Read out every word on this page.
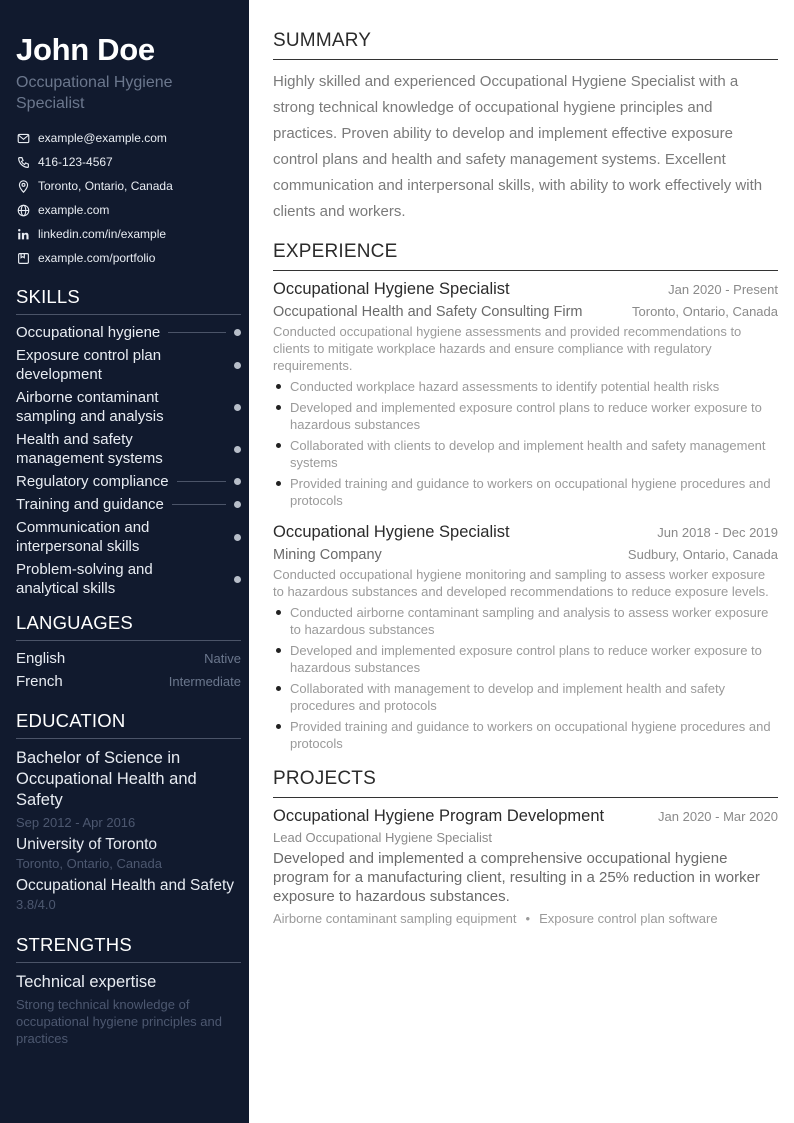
John Doe
Occupational Hygiene Specialist
example@example.com
416-123-4567
Toronto, Ontario, Canada
example.com
linkedin.com/in/example
example.com/portfolio
SKILLS
Occupational hygiene
Exposure control plan development
Airborne contaminant sampling and analysis
Health and safety management systems
Regulatory compliance
Training and guidance
Communication and interpersonal skills
Problem-solving and analytical skills
LANGUAGES
English	Native
French	Intermediate
EDUCATION
Bachelor of Science in Occupational Health and Safety
Sep 2012 - Apr 2016
University of Toronto
Toronto, Ontario, Canada
Occupational Health and Safety
3.8/4.0
STRENGTHS
Technical expertise
Strong technical knowledge of occupational hygiene principles and practices
SUMMARY
Highly skilled and experienced Occupational Hygiene Specialist with a strong technical knowledge of occupational hygiene principles and practices. Proven ability to develop and implement effective exposure control plans and health and safety management systems. Excellent communication and interpersonal skills, with ability to work effectively with clients and workers.
EXPERIENCE
Occupational Hygiene Specialist	Jan 2020 - Present
Occupational Health and Safety Consulting Firm	Toronto, Ontario, Canada
Conducted occupational hygiene assessments and provided recommendations to clients to mitigate workplace hazards and ensure compliance with regulatory requirements.
Conducted workplace hazard assessments to identify potential health risks
Developed and implemented exposure control plans to reduce worker exposure to hazardous substances
Collaborated with clients to develop and implement health and safety management systems
Provided training and guidance to workers on occupational hygiene procedures and protocols
Occupational Hygiene Specialist	Jun 2018 - Dec 2019
Mining Company	Sudbury, Ontario, Canada
Conducted occupational hygiene monitoring and sampling to assess worker exposure to hazardous substances and developed recommendations to reduce exposure levels.
Conducted airborne contaminant sampling and analysis to assess worker exposure to hazardous substances
Developed and implemented exposure control plans to reduce worker exposure to hazardous substances
Collaborated with management to develop and implement health and safety procedures and protocols
Provided training and guidance to workers on occupational hygiene procedures and protocols
PROJECTS
Occupational Hygiene Program Development	Jan 2020 - Mar 2020
Lead Occupational Hygiene Specialist
Developed and implemented a comprehensive occupational hygiene program for a manufacturing client, resulting in a 25% reduction in worker exposure to hazardous substances.
Airborne contaminant sampling equipment • Exposure control plan software
